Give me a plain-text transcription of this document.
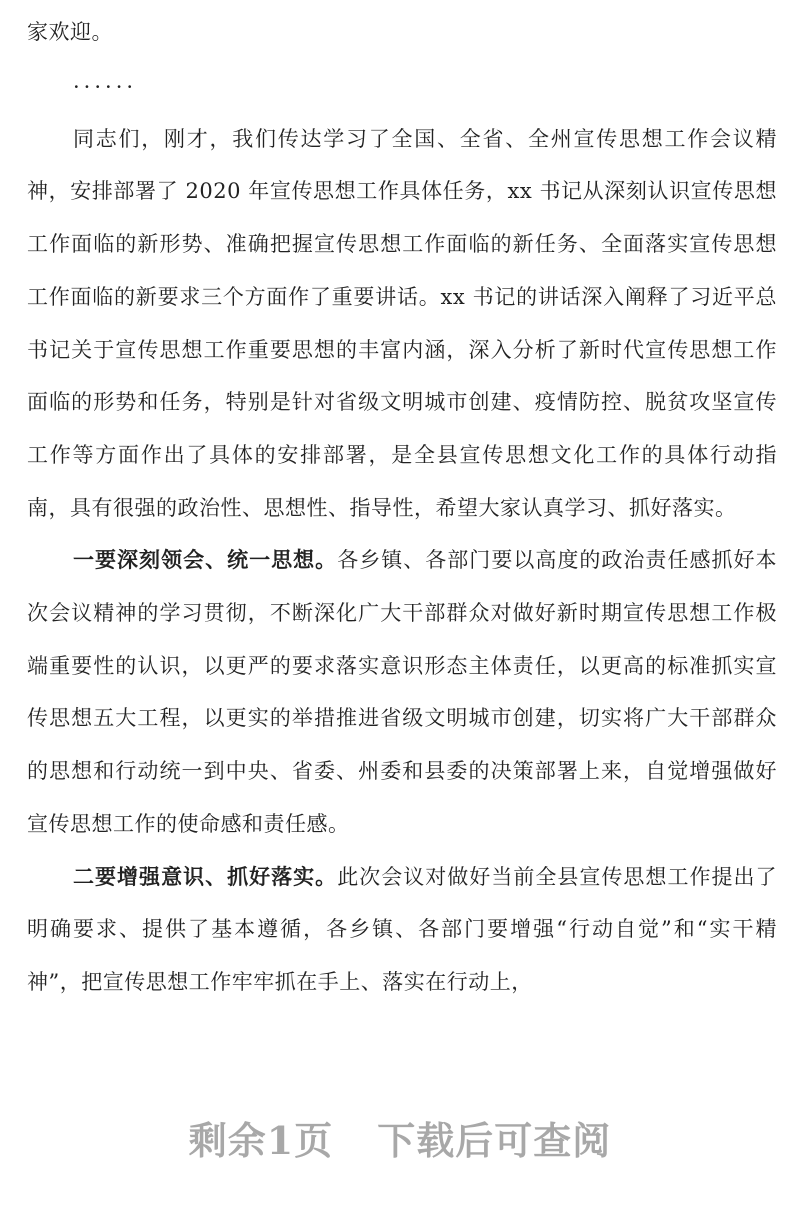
家欢迎。

······

同志们，刚才，我们传达学习了全国、全省、全州宣传思想工作会议精神，安排部署了 2020 年宣传思想工作具体任务，xx 书记从深刻认识宣传思想工作面临的新形势、准确把握宣传思想工作面临的新任务、全面落实宣传思想工作面临的新要求三个方面作了重要讲话。xx 书记的讲话深入阐释了习近平总书记关于宣传思想工作重要思想的丰富内涵，深入分析了新时代宣传思想工作面临的形势和任务，特别是针对省级文明城市创建、疫情防控、脱贫攻坚宣传工作等方面作出了具体的安排部署，是全县宣传思想文化工作的具体行动指南，具有很强的政治性、思想性、指导性，希望大家认真学习、抓好落实。

一要深刻领会、统一思想。各乡镇、各部门要以高度的政治责任感抓好本次会议精神的学习贯彻，不断深化广大干部群众对做好新时期宣传思想工作极端重要性的认识，以更严的要求落实意识形态主体责任，以更高的标准抓实宣传思想五大工程，以更实的举措推进省级文明城市创建，切实将广大干部群众的思想和行动统一到中央、省委、州委和县委的决策部署上来，自觉增强做好宣传思想工作的使命感和责任感。

二要增强意识、抓好落实。此次会议对做好当前全县宣传思想工作提出了明确要求、提供了基本遵循，各乡镇、各部门要增强“行动自觉”和“实干精神”，把宣传思想工作牢牢抓在手上、落实在行动上，

剩余1页 下载后可查阅
